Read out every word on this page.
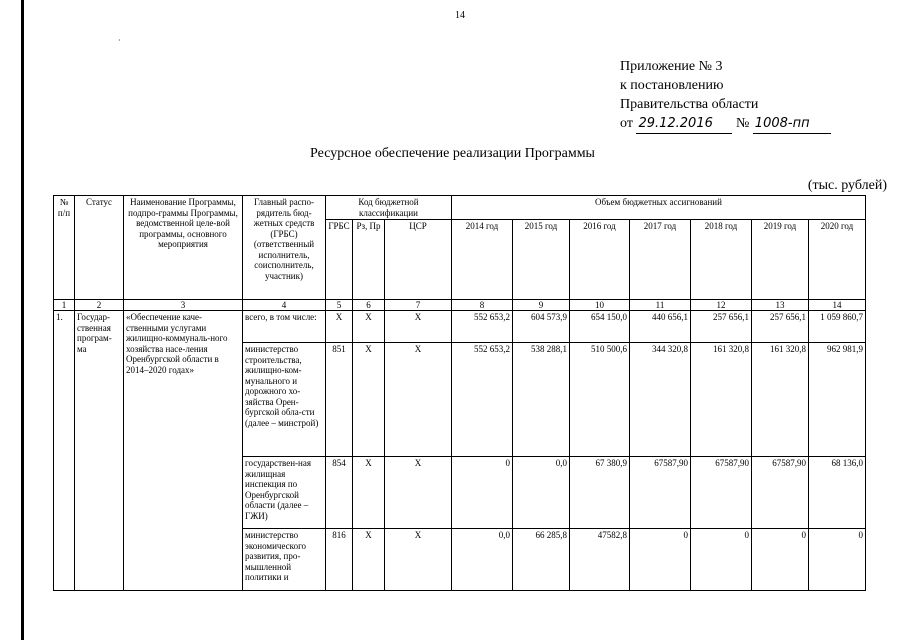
14
·
Приложение № 3
к постановлению
Правительства области
от 29.12.2016 № 1008-пп
Ресурсное обеспечение реализации Программы
(тыс. рублей)
№ п/п	Статус	Наименование Программы, подпро-граммы Программы, ведомственной целе-вой программы, основного мероприятия	Главный распо-рядитель бюд-жетных средств (ГРБС) (ответственный исполнитель, соисполнитель, участник)	Код бюджетной классификации			Объем бюджетных ассигнований						
				ГРБС	Рз, Пр	ЦСР	2014 год	2015 год	2016 год	2017 год	2018 год	2019 год	2020 год
1	2	3	4	5	6	7	8	9	10	11	12	13	14
1.	Государ-ственная програм-ма	«Обеспечение каче-ственными услугами жилищно-коммуналь-ного хозяйства насе-ления Оренбургской области в 2014–2020 годах»	всего, в том числе:	Х	Х	Х	552 653,2	604 573,9	654 150,0	440 656,1	257 656,1	257 656,1	1 059 860,7
			министерство строительства, жилищно-ком-мунального и дорожного хо-зяйства Орен-бургской обла-сти (далее – минстрой)	851	Х	Х	552 653,2	538 288,1	510 500,6	344 320,8	161 320,8	161 320,8	962 981,9
			государствен-ная жилищная инспекция по Оренбургской области (далее – ГЖИ)	854	Х	Х	0	0,0	67 380,9	67587,90	67587,90	67587,90	68 136,0
			министерство экономического развития, про-мышленной политики и	816	Х	Х	0,0	66 285,8	47582,8	0	0	0	0
